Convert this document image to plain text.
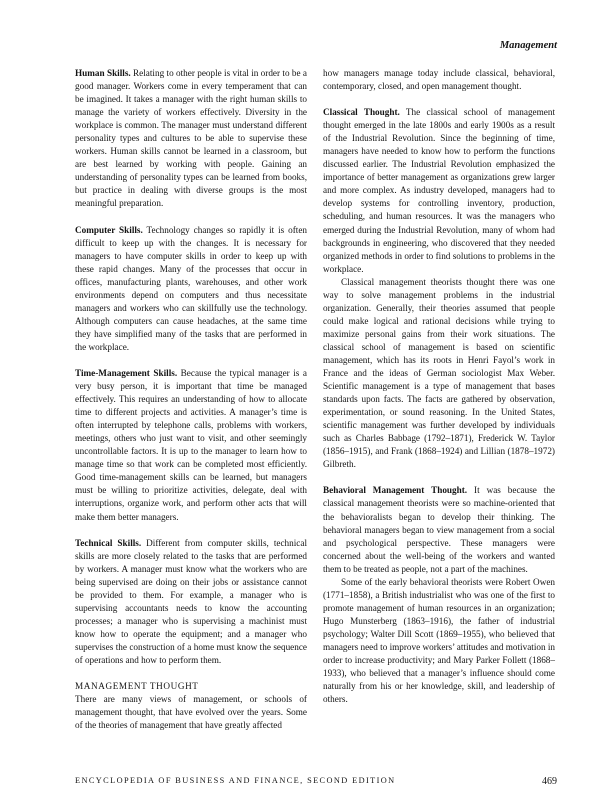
Management

Human Skills. Relating to other people is vital in order to be a good manager. Workers come in every temperament that can be imagined. It takes a manager with the right human skills to manage the variety of workers effectively. Diversity in the workplace is common. The manager must understand different personality types and cultures to be able to supervise these workers. Human skills cannot be learned in a classroom, but are best learned by working with people. Gaining an understanding of personality types can be learned from books, but practice in dealing with diverse groups is the most meaningful preparation.

Computer Skills. Technology changes so rapidly it is often difficult to keep up with the changes. It is necessary for managers to have computer skills in order to keep up with these rapid changes. Many of the processes that occur in offices, manufacturing plants, warehouses, and other work environments depend on computers and thus necessitate managers and workers who can skillfully use the technology. Although computers can cause headaches, at the same time they have simplified many of the tasks that are performed in the workplace.

Time-Management Skills. Because the typical manager is a very busy person, it is important that time be managed effectively. This requires an understanding of how to allocate time to different projects and activities. A manager’s time is often interrupted by telephone calls, problems with workers, meetings, others who just want to visit, and other seemingly uncontrollable factors. It is up to the manager to learn how to manage time so that work can be completed most efficiently. Good time-management skills can be learned, but managers must be willing to prioritize activities, delegate, deal with interruptions, organize work, and perform other acts that will make them better managers.

Technical Skills. Different from computer skills, technical skills are more closely related to the tasks that are performed by workers. A manager must know what the workers who are being supervised are doing on their jobs or assistance cannot be provided to them. For example, a manager who is supervising accountants needs to know the accounting processes; a manager who is supervising a machinist must know how to operate the equipment; and a manager who supervises the construction of a home must know the sequence of operations and how to perform them.

MANAGEMENT THOUGHT

There are many views of management, or schools of management thought, that have evolved over the years. Some of the theories of management that have greatly affected

how managers manage today include classical, behavioral, contemporary, closed, and open management thought.

Classical Thought. The classical school of management thought emerged in the late 1800s and early 1900s as a result of the Industrial Revolution. Since the beginning of time, managers have needed to know how to perform the functions discussed earlier. The Industrial Revolution emphasized the importance of better management as organizations grew larger and more complex. As industry developed, managers had to develop systems for controlling inventory, production, scheduling, and human resources. It was the managers who emerged during the Industrial Revolution, many of whom had backgrounds in engineering, who discovered that they needed organized methods in order to find solutions to problems in the workplace.

Classical management theorists thought there was one way to solve management problems in the industrial organization. Generally, their theories assumed that people could make logical and rational decisions while trying to maximize personal gains from their work situations. The classical school of management is based on scientific management, which has its roots in Henri Fayol’s work in France and the ideas of German sociologist Max Weber. Scientific management is a type of management that bases standards upon facts. The facts are gathered by observation, experimentation, or sound reasoning. In the United States, scientific management was further developed by individuals such as Charles Babbage (1792–1871), Frederick W. Taylor (1856–1915), and Frank (1868–1924) and Lillian (1878–1972) Gilbreth.

Behavioral Management Thought. It was because the classical management theorists were so machine-oriented that the behavioralists began to develop their thinking. The behavioral managers began to view management from a social and psychological perspective. These managers were concerned about the well-being of the workers and wanted them to be treated as people, not a part of the machines.

Some of the early behavioral theorists were Robert Owen (1771–1858), a British industrialist who was one of the first to promote management of human resources in an organization; Hugo Munsterberg (1863–1916), the father of industrial psychology; Walter Dill Scott (1869–1955), who believed that managers need to improve workers’ attitudes and motivation in order to increase productivity; and Mary Parker Follett (1868–1933), who believed that a manager’s influence should come naturally from his or her knowledge, skill, and leadership of others.

ENCYCLOPEDIA OF BUSINESS AND FINANCE, SECOND EDITION	469
